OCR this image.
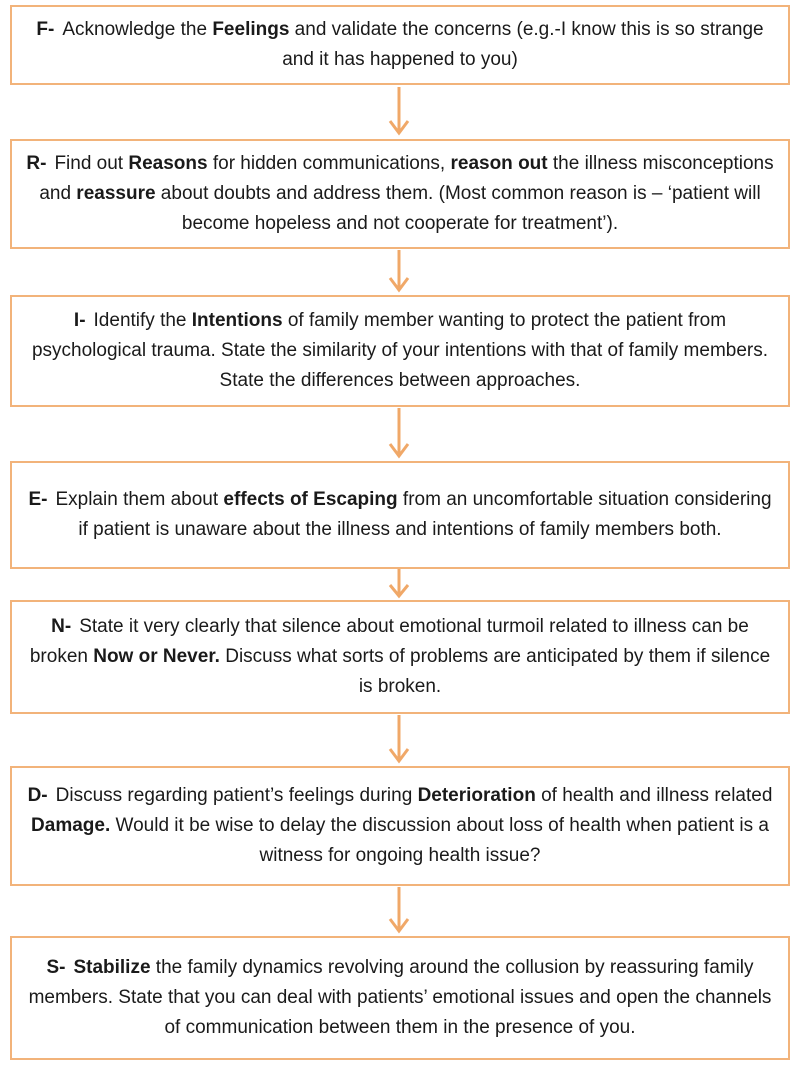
F- Acknowledge the Feelings and validate the concerns (e.g.-I know this is so strange and it has happened to you)

R- Find out Reasons for hidden communications, reason out the illness misconceptions and reassure about doubts and address them. (Most common reason is – ‘patient will become hopeless and not cooperate for treatment’).

I- Identify the Intentions of family member wanting to protect the patient from psychological trauma. State the similarity of your intentions with that of family members. State the differences between approaches.

E- Explain them about effects of Escaping from an uncomfortable situation considering if patient is unaware about the illness and intentions of family members both.

N- State it very clearly that silence about emotional turmoil related to illness can be broken Now or Never. Discuss what sorts of problems are anticipated by them if silence is broken.

D- Discuss regarding patient’s feelings during Deterioration of health and illness related Damage. Would it be wise to delay the discussion about loss of health when patient is a witness for ongoing health issue?

S- Stabilize the family dynamics revolving around the collusion by reassuring family members. State that you can deal with patients’ emotional issues and open the channels of communication between them in the presence of you.
